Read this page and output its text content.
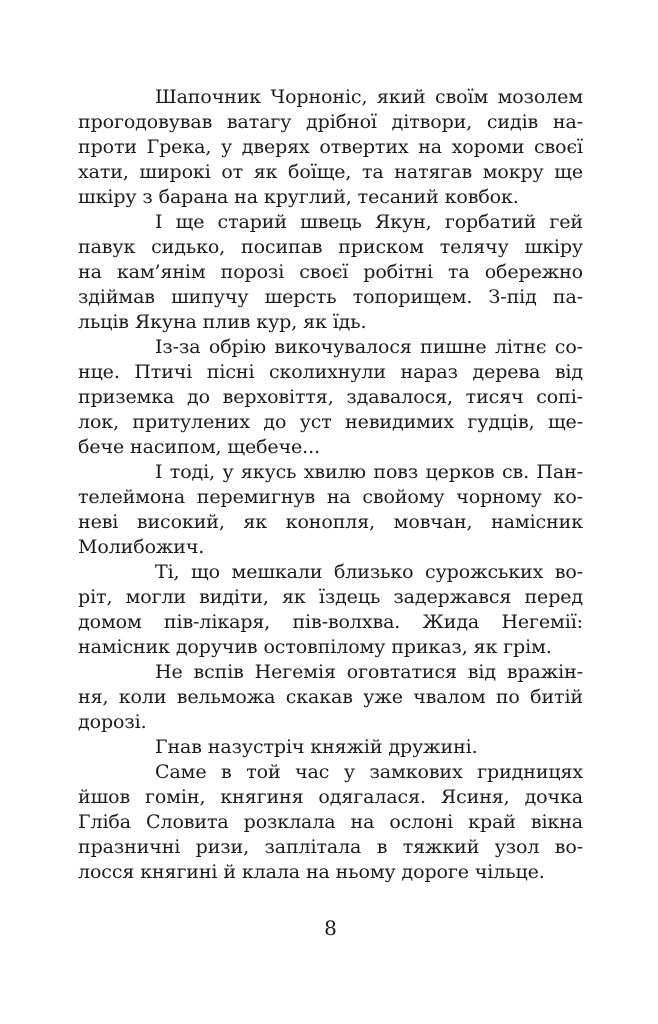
Шапочник Чорноніс, який своїм мозолем
прогодовував ватагу дрібної дітвори, сидів на-
проти Грека, у дверях отвертих на хороми своєї
хати, широкі от як боїще, та натягав мокру ще
шкіру з барана на круглий, тесаний ковбок.
І ще старий швець Якун, горбатий гей
павук сидько, посипав приском телячу шкіру
на кам’янім порозі своєї робітні та обережно
здіймав шипучу шерсть топорищем. З-під па-
льців Якуна плив кур, як їдь.
Із-за обрію викочувалося пишне літнє со-
нце. Птичі пісні сколихнули нараз дерева від
приземка до верховіття, здавалося, тисяч сопі-
лок, притулених до уст невидимих гудців, ще-
бече насипом, щебече...
І тоді, у якусь хвилю повз церков св. Пан-
телеймона перемигнув на свойому чорному ко-
неві високий, як конопля, мовчан, намісник
Молибожич.
Ті, що мешкали близько сурожських во-
ріт, могли видіти, як їздець задержався перед
домом пів-лікаря, пів-волхва. Жида Негемії:
намісник доручив остовпілому приказ, як грім.
Не вспів Негемія оговтатися від вражін-
ня, коли вельможа скакав уже чвалом по битій
дорозі.
Гнав назустріч княжій дружині.
Саме в той час у замкових гридницях
йшов гомін, княгиня одягалася. Ясиня, дочка
Гліба Словита розклала на ослоні край вікна
празничні ризи, заплітала в тяжкий узол во-
лосся княгині й клала на ньому дороге чільце.
8
